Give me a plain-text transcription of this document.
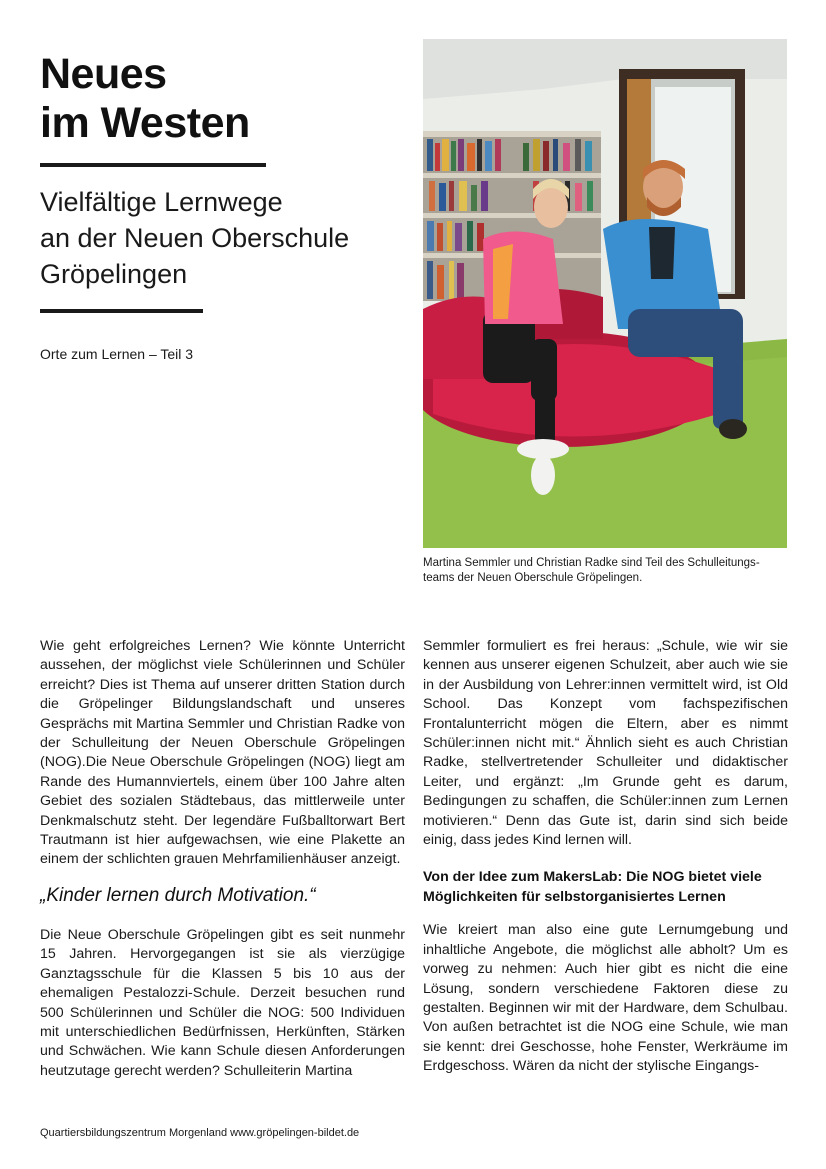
Neues
im Westen
Vielfältige Lernwege
an der Neuen Oberschule
Gröpelingen
Orte zum Lernen – Teil 3
Martina Semmler und Christian Radke sind Teil des Schulleitungsteams der Neuen Oberschule Gröpelingen.

Wie geht erfolgreiches Lernen? Wie könnte Unterricht aussehen, der möglichst viele Schülerinnen und Schüler erreicht? Dies ist Thema auf unserer dritten Station durch die Gröpelinger Bildungslandschaft und unseres Gesprächs mit Martina Semmler und Christian Radke von der Schulleitung der Neuen Oberschule Gröpelingen (NOG).Die Neue Oberschule Gröpelingen (NOG) liegt am Rande des Humannviertels, einem über 100 Jahre alten Gebiet des sozialen Städtebaus, das mittlerweile unter Denkmalschutz steht. Der legendäre Fußballtorwart Bert Trautmann ist hier aufgewachsen, wie eine Plakette an einem der schlichten grauen Mehrfamilienhäuser anzeigt.

„Kinder lernen durch Motivation.“

Die Neue Oberschule Gröpelingen gibt es seit nunmehr 15 Jahren. Hervorgegangen ist sie als vierzügige Ganztagsschule für die Klassen 5 bis 10 aus der ehemaligen Pestalozzi-Schule. Derzeit besuchen rund 500 Schülerinnen und Schüler die NOG: 500 Individuen mit unterschiedlichen Bedürfnissen, Herkünften, Stärken und Schwächen. Wie kann Schule diesen Anforderungen heutzutage gerecht werden? Schulleiterin Martina

Semmler formuliert es frei heraus: „Schule, wie wir sie kennen aus unserer eigenen Schulzeit, aber auch wie sie in der Ausbildung von Lehrer:innen vermittelt wird, ist Old School. Das Konzept vom fachspezifischen Frontalunterricht mögen die Eltern, aber es nimmt Schüler:innen nicht mit.“ Ähnlich sieht es auch Christian Radke, stellvertretender Schulleiter und didaktischer Leiter, und ergänzt: „Im Grunde geht es darum, Bedingungen zu schaffen, die Schüler:innen zum Lernen motivieren.“ Denn das Gute ist, darin sind sich beide einig, dass jedes Kind lernen will.

Von der Idee zum MakersLab: Die NOG bietet viele Möglichkeiten für selbstorganisiertes Lernen

Wie kreiert man also eine gute Lernumgebung und inhaltliche Angebote, die möglichst alle abholt? Um es vorweg zu nehmen: Auch hier gibt es nicht die eine Lösung, sondern verschiedene Faktoren diese zu gestalten. Beginnen wir mit der Hardware, dem Schulbau. Von außen betrachtet ist die NOG eine Schule, wie man sie kennt: drei Geschosse, hohe Fenster, Werkräume im Erdgeschoss. Wären da nicht der stylische Eingangs-

Quartiersbildungszentrum Morgenland www.gröpelingen-bildet.de
